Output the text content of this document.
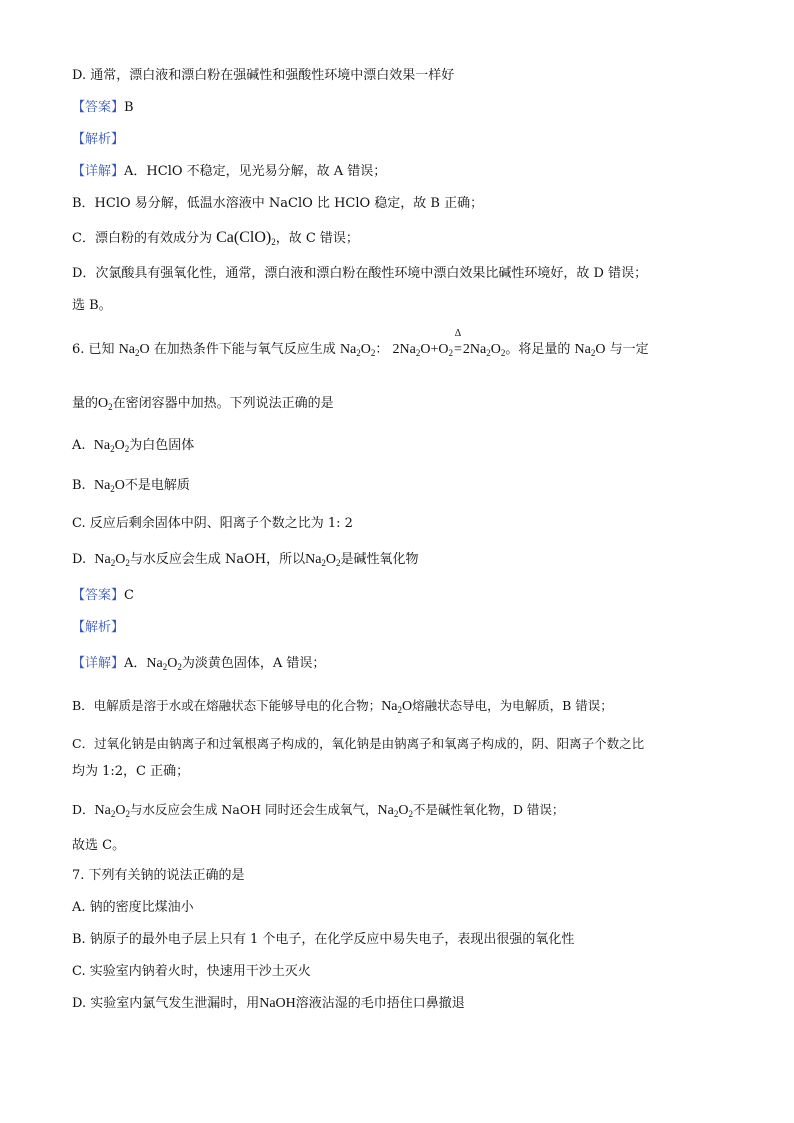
D. 通常，漂白液和漂白粉在强碱性和强酸性环境中漂白效果一样好
【答案】B
【解析】
【详解】A．HClO 不稳定，见光易分解，故 A 错误；
B．HClO 易分解，低温水溶液中 NaClO 比 HClO 稳定，故 B 正确；
C．漂白粉的有效成分为 $Ca(ClO)_2$，故 C 错误；
D．次氯酸具有强氧化性，通常，漂白液和漂白粉在酸性环境中漂白效果比碱性环境好，故 D 错误；
选 B。
6. 已知 $Na_2O$ 在加热条件下能与氧气反应生成 $Na_2O_2$： $2Na_2O+O_2$
Δ
$=2Na_2O_2$。将足量的 $Na_2O$ 与一定
量的$O_2$在密闭容器中加热。下列说法正确的是
A. $Na_2O_2$为白色固体
B. $Na_2O$不是电解质
C. 反应后剩余固体中阴、阳离子个数之比为 1: 2
D. $Na_2O_2$与水反应会生成 NaOH，所以$Na_2O_2$是碱性氧化物
【答案】C
【解析】
【详解】A．$Na_2O_2$为淡黄色固体，A 错误；
B．电解质是溶于水或在熔融状态下能够导电的化合物；$Na_2O$熔融状态导电，为电解质，B 错误；
C．过氧化钠是由钠离子和过氧根离子构成的，氧化钠是由钠离子和氧离子构成的，阴、阳离子个数之比
均为 1:2，C 正确；
D．$Na_2O_2$与水反应会生成 NaOH 同时还会生成氧气，$Na_2O_2$不是碱性氧化物，D 错误；
故选 C。
7. 下列有关钠的说法正确的是
A. 钠的密度比煤油小
B. 钠原子的最外电子层上只有 1 个电子，在化学反应中易失电子，表现出很强的氧化性
C. 实验室内钠着火时，快速用干沙土灭火
D. 实验室内氯气发生泄漏时，用NaOH溶液沾湿的毛巾捂住口鼻撤退
